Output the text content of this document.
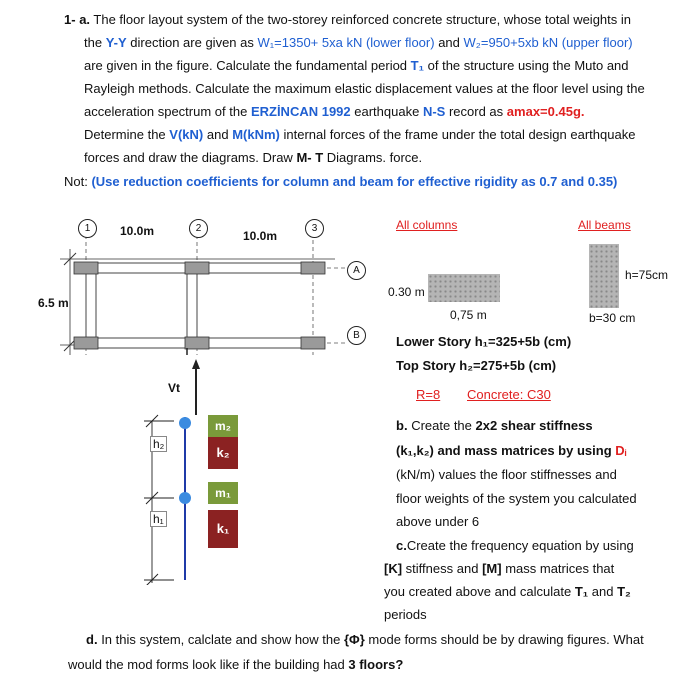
1- a. The floor layout system of the two-storey reinforced concrete structure, whose total weights in
the Y-Y direction are given as W₁=1350+ 5xa kN (lower floor) and W₂=950+5xb kN (upper floor)
are given in the figure. Calculate the fundamental period T₁ of the structure using the Muto and
Rayleigh methods. Calculate the maximum elastic displacement values at the floor level using the
acceleration spectrum of the ERZİNCAN 1992 earthquake N-S record as amax=0.45g.
Determine the V(kN) and M(kNm) internal forces of the frame under the total design earthquake
forces and draw the diagrams. Draw M- T Diagrams. force.
Not: (Use reduction coefficients for column and beam for effective rigidity as 0.7 and 0.35)
1	2	3
A
B
10.0m	10.0m
6.5 m
All columns	All beams
0.30 m
0,75 m
h=75cm
b=30 cm
Lower Story h₁=325+5b (cm)
Top Story h₂=275+5b (cm)
R=8 Concrete: C30
Vt
h₂
h₁
m₂
k₂
m₁
k₁
b. Create the 2x2 shear stiffness
(k₁,k₂) and mass matrices by using Dᵢ
(kN/m) values the floor stiffnesses and
floor weights of the system you calculated
above under 6
c.Create the frequency equation by using
[K] stiffness and [M] mass matrices that
you created above and calculate T₁ and T₂
periods
d. In this system, calclate and show how the {Φ} mode forms should be by drawing figures. What
would the mod forms look like if the building had 3 floors?
